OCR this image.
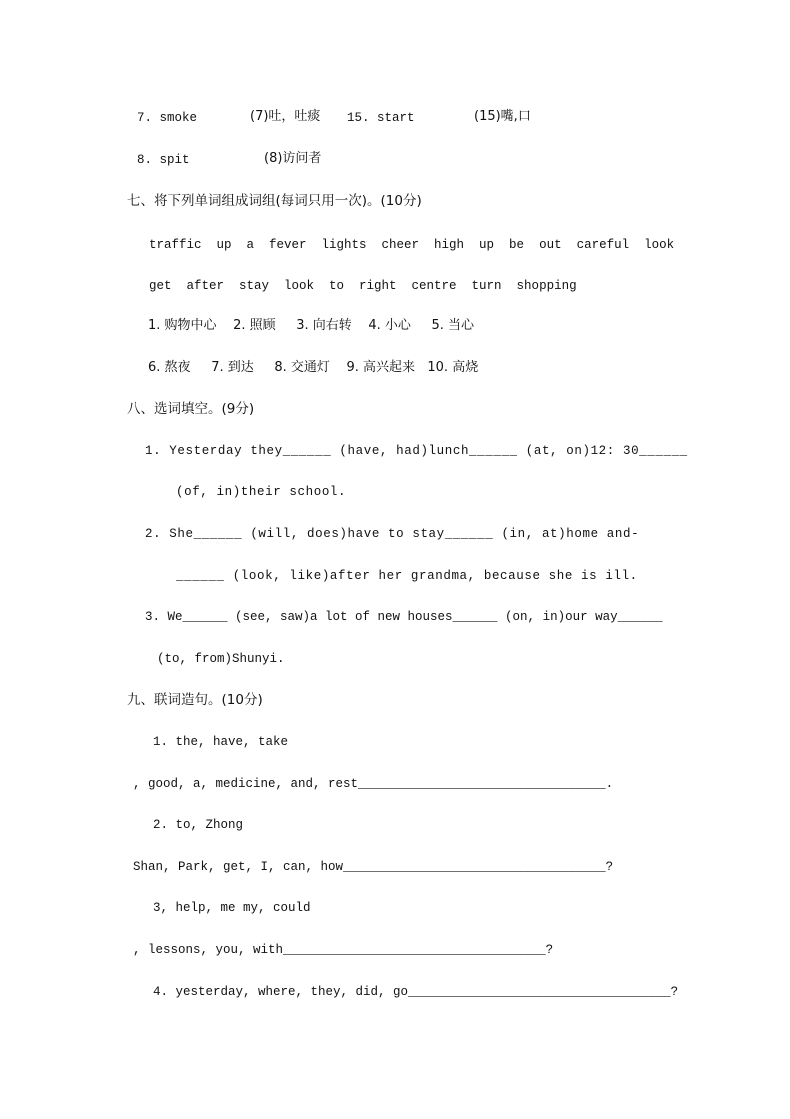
7. smoke	(7)吐，吐痰 15. start	(15)嘴,口
8. spit	(8)访问者
七、将下列单词组成词组(每词只用一次)。(10分)
traffic  up  a  fever  lights  cheer  high  up  be  out  careful  look
get  after  stay  look  to  right  centre  turn  shopping
1. 购物中心    2. 照顾     3. 向右转    4. 小心     5. 当心
6. 熬夜     7. 到达     8. 交通灯    9. 高兴起来   10. 高烧
八、选词填空。(9分)
1. Yesterday they______ (have, had)lunch______ (at, on)12: 30______
(of, in)their school.
2. She______ (will, does)have to stay______ (in, at)home and-
______ (look, like)after her grandma, because she is ill.
3. We______ (see, saw)a lot of new houses______ (on, in)our way______
(to, from)Shunyi.
九、联词造句。(10分)
1. the, have, take
, good, a, medicine, and, rest_________________________________.
2. to, Zhong
Shan, Park, get, I, can, how___________________________________?
3, help, me my, could
, lessons, you, with___________________________________?
4. yesterday, where, they, did, go___________________________________?
